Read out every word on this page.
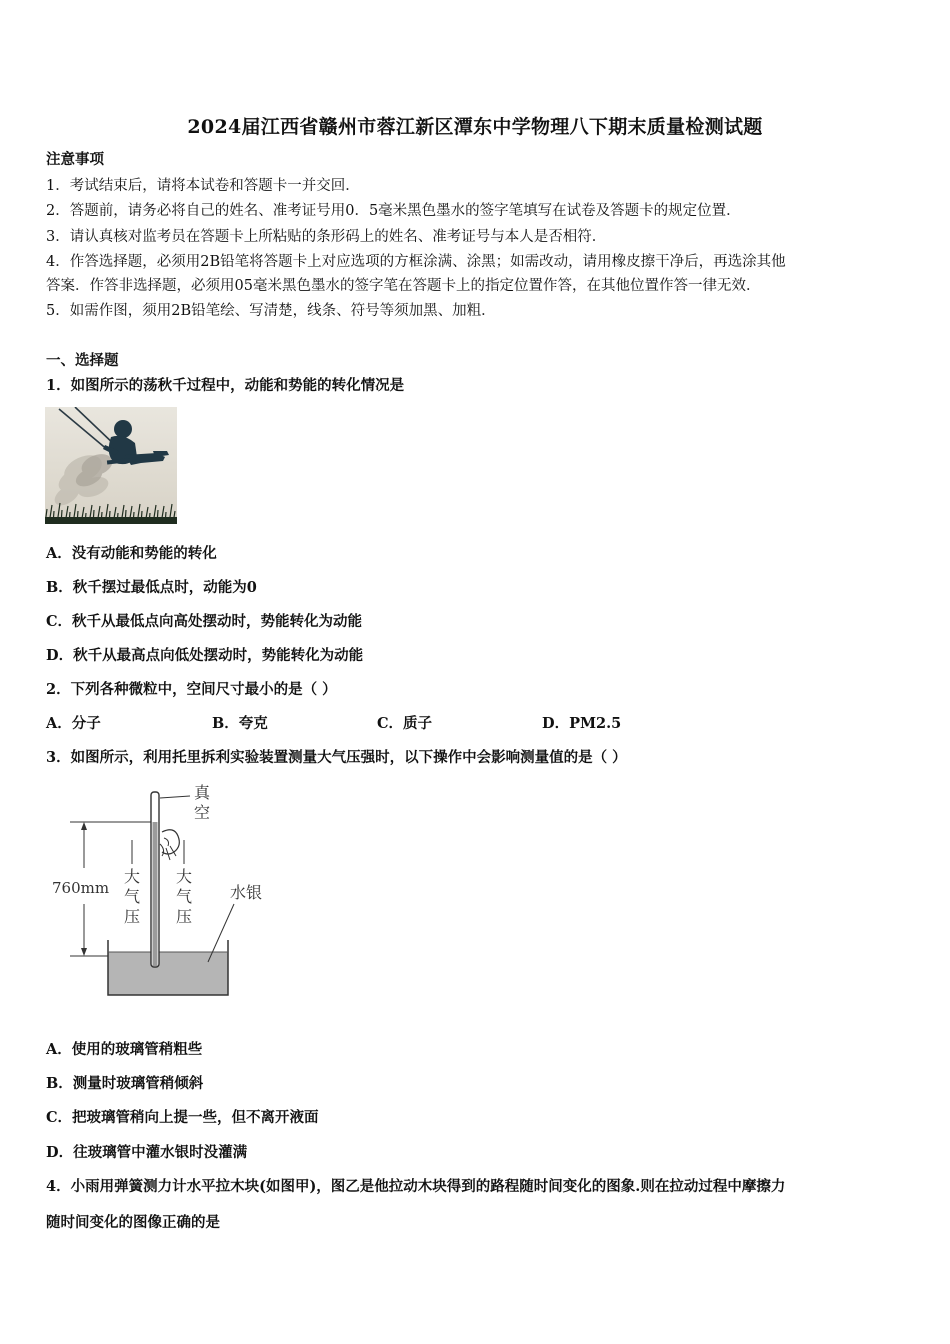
2024届江西省赣州市蓉江新区潭东中学物理八下期末质量检测试题
注意事项
1．考试结束后，请将本试卷和答题卡一并交回．
2．答题前，请务必将自己的姓名、准考证号用0．5毫米黑色墨水的签字笔填写在试卷及答题卡的规定位置．
3．请认真核对监考员在答题卡上所粘贴的条形码上的姓名、准考证号与本人是否相符．
4．作答选择题，必须用2B铅笔将答题卡上对应选项的方框涂满、涂黑；如需改动，请用橡皮擦干净后，再选涂其他
答案．作答非选择题，必须用05毫米黑色墨水的签字笔在答题卡上的指定位置作答，在其他位置作答一律无效．
5．如需作图，须用2B铅笔绘、写清楚，线条、符号等须加黑、加粗．
一、选择题
1．如图所示的荡秋千过程中，动能和势能的转化情况是
A．没有动能和势能的转化
B．秋千摆过最低点时，动能为0
C．秋千从最低点向高处摆动时，势能转化为动能
D．秋千从最高点向低处摆动时，势能转化为动能
2．下列各种微粒中，空间尺寸最小的是（ ）
A．分子	B．夸克	C．质子	D．PM2.5
3．如图所示，利用托里拆利实验装置测量大气压强时，以下操作中会影响测量值的是（ ）
真
空
760mm
大
气
压
大
气
压
水银
A．使用的玻璃管稍粗些
B．测量时玻璃管稍倾斜
C．把玻璃管稍向上提一些，但不离开液面
D．往玻璃管中灌水银时没灌满
4．小雨用弹簧测力计水平拉木块(如图甲)，图乙是他拉动木块得到的路程随时间变化的图象.则在拉动过程中摩擦力
随时间变化的图像正确的是
